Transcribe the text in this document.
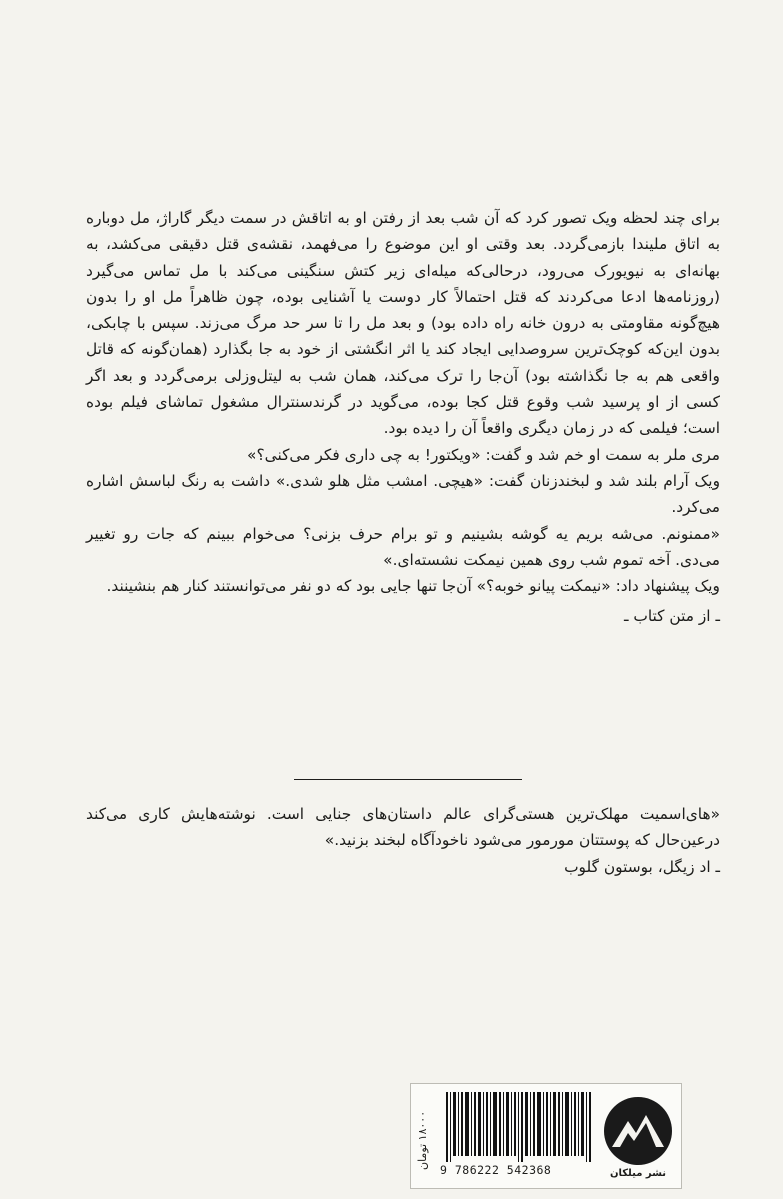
برای چند لحظه ویک تصور کرد که آن شب بعد از رفتن او به اتاقش در سمت دیگر گاراژ، مل دوباره به اتاق ملیندا بازمی‌گردد. بعد وقتی او این موضوع را می‌فهمد، نقشه‌ی قتل دقیقی می‌کشد، به بهانه‌ای به نیویورک می‌رود، درحالی‌که میله‌ای زیر کتش سنگینی می‌کند با مل تماس می‌گیرد (روزنامه‌ها ادعا می‌کردند که قتل احتمالاً کار دوست یا آشنایی بوده، چون ظاهراً مل او را بدون هیچ‌گونه مقاومتی به درون خانه راه داده بود) و بعد مل را تا سر حد مرگ می‌زند. سپس با چابکی، بدون این‌که کوچک‌ترین سروصدایی ایجاد کند یا اثر انگشتی از خود به جا بگذارد (همان‌گونه که قاتل واقعی هم به جا نگذاشته بود) آن‌جا را ترک می‌کند، همان شب به لیتل‌وزلی برمی‌گردد و بعد اگر کسی از او پرسید شب وقوع قتل کجا بوده، می‌گوید در گرندسنترال مشغول تماشای فیلم بوده است؛ فیلمی که در زمان دیگری واقعاً آن را دیده بود.

مری ملر به سمت او خم شد و گفت: «ویکتور! به چی داری فکر می‌کنی؟»

ویک آرام بلند شد و لبخندزنان گفت: «هیچی. امشب مثل هلو شدی.» داشت به رنگ لباسش اشاره می‌کرد.

«ممنونم. می‌شه بریم یه گوشه بشینیم و تو برام حرف بزنی؟ می‌خوام ببینم که جات رو تغییر می‌دی. آخه تموم شب روی همین نیمکت نشسته‌ای.»

ویک پیشنهاد داد: «نیمکت پیانو خوبه؟» آن‌جا تنها جایی بود که دو نفر می‌توانستند کنار هم بنشینند.

ـ از متن کتاب ـ

«های‌اسمیت مهلک‌ترین هستی‌گرای عالم داستان‌های جنایی است. نوشته‌هایش کاری می‌کند درعین‌حال که پوستتان مورمور می‌شود ناخودآگاه لبخند بزنید.»

ـ اد زیگل، بوستون گلوب

۱۸۰۰۰ تومان
9 786222 542368	نشر میلکان
